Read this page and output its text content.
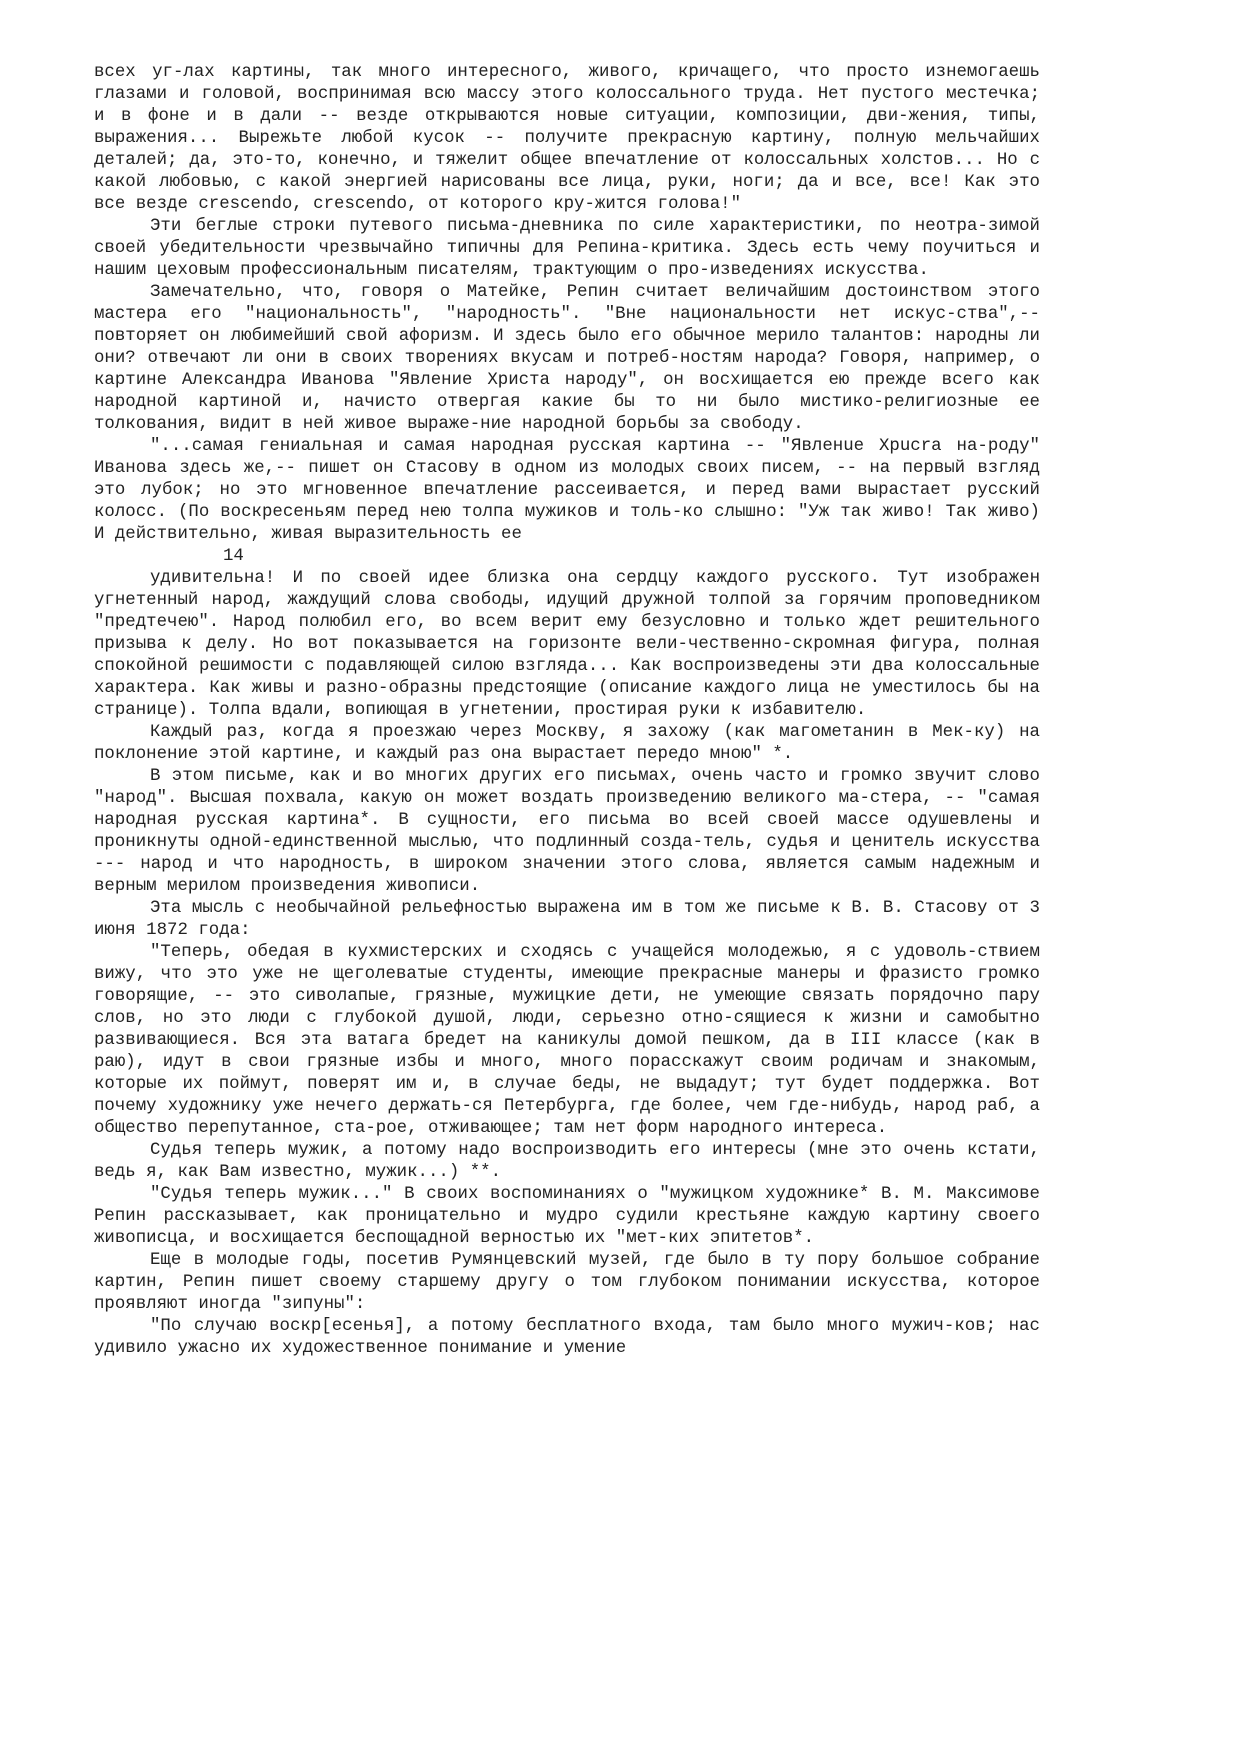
всех уг-лах картины, так много интересного, живого, кричащего, что просто изнемогаешь глазами и головой, воспринимая всю массу этого колоссального труда. Нет пустого местечка; и в фоне и в дали -- везде открываются новые ситуации, композиции, дви-жения, типы, выражения... Вырежьте любой кусок -- получите прекрасную картину, полную мельчайших деталей; да, это-то, конечно, и тяжелит общее впечатление от колоссальных холстов... Но с какой любовью, с какой энергией нарисованы все лица, руки, ноги; да и все, все! Как это все везде crescendo, crescendo, от которого кру-жится голова!"

Эти беглые строки путевого письма-дневника по силе характеристики, по неотра-зимой своей убедительности чрезвычайно типичны для Репина-критика. Здесь есть чему поучиться и нашим цеховым профессиональным писателям, трактующим о про-изведениях искусства.

Замечательно, что, говоря о Матейке, Репин считает величайшим достоинством этого мастера его "национальность", "народность". "Вне национальности нет искус-ства",-- повторяет он любимейший свой афоризм. И здесь было его обычное мерило талантов: народны ли они? отвечают ли они в своих творениях вкусам и потреб-ностям народа? Говоря, например, о картине Александра Иванова "Явление Христа народу", он восхищается ею прежде всего как народной картиной и, начисто отвергая какие бы то ни было мистико-религиозные ее толкования, видит в ней живое выраже-ние народной борьбы за свободу.

"...самая гениальная и самая народная русская картина -- "Явленue Хрucra на-роду" Иванова здесь же,-- пишет он Стасову в одном из молодых своих писем, -- на первый взгляд это лубок; но это мгновенное впечатление рассеивается, и перед вами вырастает русский колосс. (По воскресеньям перед нею толпа мужиков и толь-ко слышно: "Уж так живо! Так живо) И действительно, живая выразительность ее

14

удивительна! И по своей идее близка она сердцу каждого русского. Тут изображен угнетенный народ, жаждущий слова свободы, идущий дружной толпой за горячим проповедником "предтечею". Народ полюбил его, во всем верит ему безусловно и только ждет решительного призыва к делу. Но вот показывается на горизонте вели-чественно-скромная фигура, полная спокойной решимости с подавляющей силою взгляда... Как воспроизведены эти два колоссальные характера. Как живы и разно-образны предстоящие (описание каждого лица не уместилось бы на странице). Толпа вдали, вопиющая в угнетении, простирая руки к избавителю.

Каждый раз, когда я проезжаю через Москву, я захожу (как магометанин в Мек-ку) на поклонение этой картине, и каждый раз она вырастает передо мною" *.

В этом письме, как и во многих других его письмах, очень часто и громко звучит слово "народ". Высшая похвала, какую он может воздать произведению великого ма-стера, -- "самая народная русская картина*. В сущности, его письма во всей своей массе одушевлены и проникнуты одной-единственной мыслью, что подлинный созда-тель, судья и ценитель искусства --- народ и что народность, в широком значении этого слова, является самым надежным и верным мерилом произведения живописи.

Эта мысль с необычайной рельефностью выражена им в том же письме к В. В. Стасову от 3 июня 1872 года:

"Теперь, обедая в кухмистерских и сходясь с учащейся молодежью, я с удоволь-ствием вижу, что это уже не щеголеватые студенты, имеющие прекрасные манеры и фразисто громко говорящие, -- это сиволапые, грязные, мужицкие дети, не умеющие связать порядочно пару слов, но это люди с глубокой душой, люди, серьезно отно-сящиеся к жизни и самобытно развивающиеся. Вся эта ватага бредет на каникулы домой пешком, да в III классе (как в раю), идут в свои грязные избы и много, много порасскажут своим родичам и знакомым, которые их поймут, поверят им и, в случае беды, не выдадут; тут будет поддержка. Вот почему художнику уже нечего держать-ся Петербурга, где более, чем где-нибудь, народ раб, а общество перепутанное, ста-рое, отживающее; там нет форм народного интереса.

Судья теперь мужик, а потому надо воспроизводить его интересы (мне это очень кстати, ведь я, как Вам известно, мужик...) **.

"Судья теперь мужик..." В своих воспоминаниях о "мужицком художнике* В. М. Максимове Репин рассказывает, как проницательно и мудро судили крестьяне каждую картину своего живописца, и восхищается беспощадной верностью их "мет-ких эпитетов*.

Еще в молодые годы, посетив Румянцевский музей, где было в ту пору большое собрание картин, Репин пишет своему старшему другу о том глубоком понимании искусства, которое проявляют иногда "зипуны":

"По случаю воскр[есенья], а потому бесплатного входа, там было много мужич-ков; нас удивило ужасно их художественное понимание и умение
